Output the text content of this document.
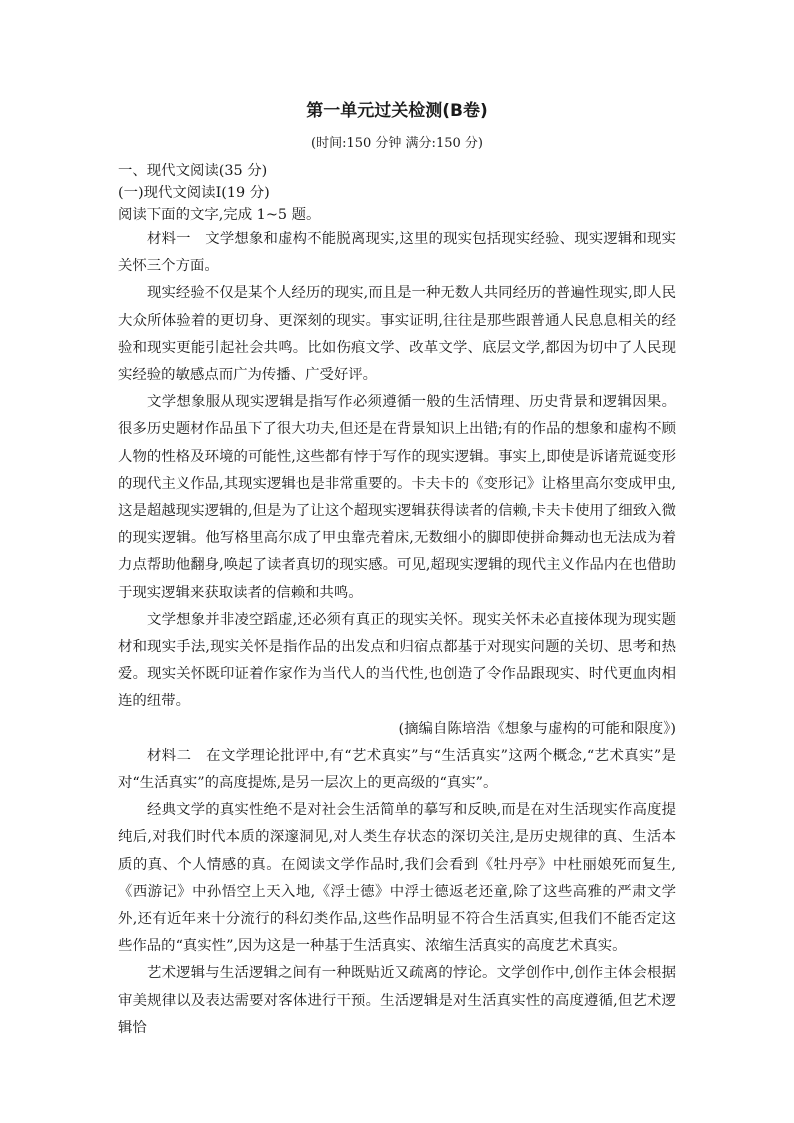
第一单元过关检测(B卷)

(时间:150 分钟 满分:150 分)

一、现代文阅读(35 分)

(一)现代文阅读Ⅰ(19 分)

阅读下面的文字,完成 1~5 题。

材料一　文学想象和虚构不能脱离现实,这里的现实包括现实经验、现实逻辑和现实关怀三个方面。

现实经验不仅是某个人经历的现实,而且是一种无数人共同经历的普遍性现实,即人民大众所体验着的更切身、更深刻的现实。事实证明,往往是那些跟普通人民息息相关的经验和现实更能引起社会共鸣。比如伤痕文学、改革文学、底层文学,都因为切中了人民现实经验的敏感点而广为传播、广受好评。

文学想象服从现实逻辑是指写作必须遵循一般的生活情理、历史背景和逻辑因果。很多历史题材作品虽下了很大功夫,但还是在背景知识上出错;有的作品的想象和虚构不顾人物的性格及环境的可能性,这些都有悖于写作的现实逻辑。事实上,即使是诉诸荒诞变形的现代主义作品,其现实逻辑也是非常重要的。卡夫卡的《变形记》让格里高尔变成甲虫,这是超越现实逻辑的,但是为了让这个超现实逻辑获得读者的信赖,卡夫卡使用了细致入微的现实逻辑。他写格里高尔成了甲虫靠壳着床,无数细小的脚即使拼命舞动也无法成为着力点帮助他翻身,唤起了读者真切的现实感。可见,超现实逻辑的现代主义作品内在也借助于现实逻辑来获取读者的信赖和共鸣。

文学想象并非凌空蹈虚,还必须有真正的现实关怀。现实关怀未必直接体现为现实题材和现实手法,现实关怀是指作品的出发点和归宿点都基于对现实问题的关切、思考和热爱。现实关怀既印证着作家作为当代人的当代性,也创造了令作品跟现实、时代更血肉相连的纽带。

(摘编自陈培浩《想象与虚构的可能和限度》)

材料二　在文学理论批评中,有“艺术真实”与“生活真实”这两个概念,“艺术真实”是对“生活真实”的高度提炼,是另一层次上的更高级的“真实”。

经典文学的真实性绝不是对社会生活简单的摹写和反映,而是在对生活现实作高度提纯后,对我们时代本质的深邃洞见,对人类生存状态的深切关注,是历史规律的真、生活本质的真、个人情感的真。在阅读文学作品时,我们会看到《牡丹亭》中杜丽娘死而复生,《西游记》中孙悟空上天入地,《浮士德》中浮士德返老还童,除了这些高雅的严肃文学外,还有近年来十分流行的科幻类作品,这些作品明显不符合生活真实,但我们不能否定这些作品的“真实性”,因为这是一种基于生活真实、浓缩生活真实的高度艺术真实。

艺术逻辑与生活逻辑之间有一种既贴近又疏离的悖论。文学创作中,创作主体会根据审美规律以及表达需要对客体进行干预。生活逻辑是对生活真实性的高度遵循,但艺术逻辑恰
